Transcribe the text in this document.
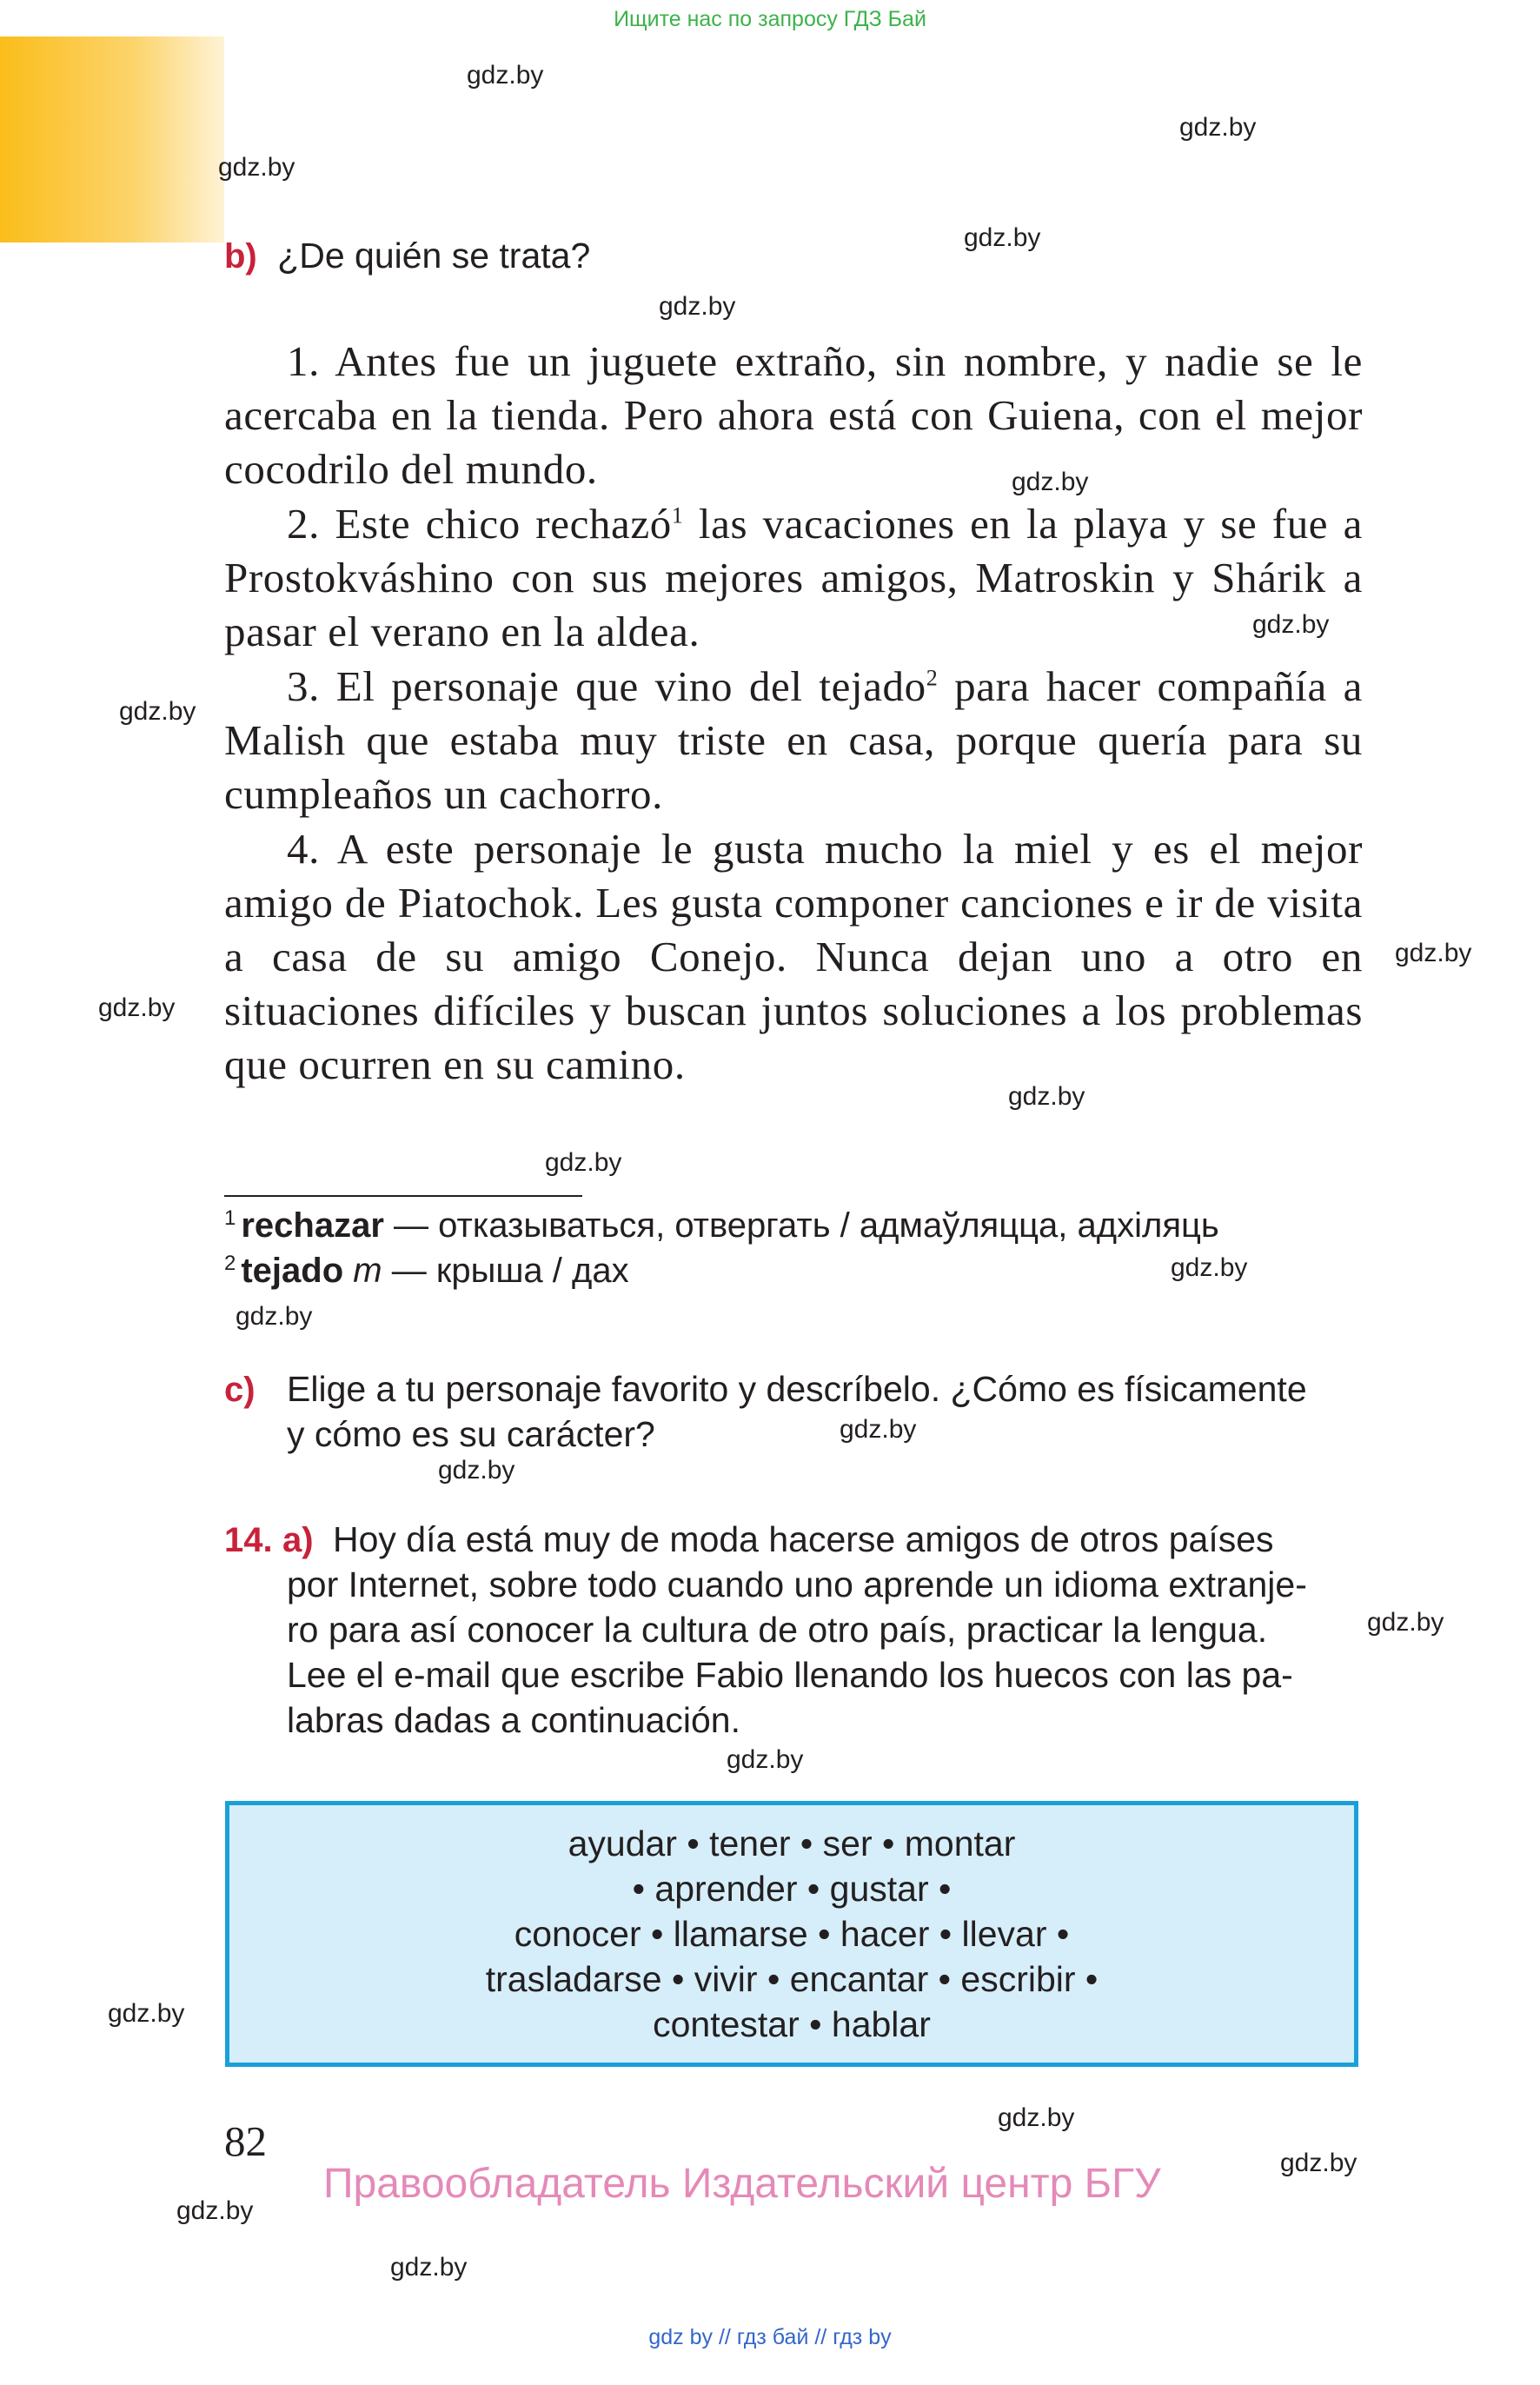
Ищите нас по запросу ГДЗ Бай
gdz.by
gdz.by
gdz.by
gdz.by
gdz.by
gdz.by
gdz.by
gdz.by
gdz.by
gdz.by
gdz.by
gdz.by
gdz.by
gdz.by
gdz.by
gdz.by
gdz.by
gdz.by
gdz.by
gdz.by
gdz.by
gdz.by
gdz.by
b) ¿De quién se trata?

1. Antes fue un juguete extraño, sin nombre, y nadie se le acercaba en la tienda. Pero ahora está con Guiena, con el mejor cocodrilo del mundo.

2. Este chico rechazó$^1$ las vacaciones en la playa y se fue a Prostokváshino con sus mejores amigos, Matroskin y Shárik a pasar el verano en la aldea.

3. El personaje que vino del tejado$^2$ para hacer compañía a Malish que estaba muy triste en casa, porque quería para su cumpleaños un cachorro.

4. A este personaje le gusta mucho la miel y es el mejor amigo de Piatochok. Les gusta componer canciones e ir de visita a casa de su amigo Conejo. Nunca dejan uno a otro en situaciones difíciles y buscan juntos soluciones a los problemas que ocurren en su camino.

$^1$ rechazar — отказываться, отвергать / адмаўляцца, адхіляць
$^2$ tejado m — крыша / дах
c) Elige a tu personaje favorito y descríbelo. ¿Cómo es físicamente
y cómo es su carácter?
14. a) Hoy día está muy de moda hacerse amigos de otros países
por Internet, sobre todo cuando uno aprende un idioma extranje-
ro para así conocer la cultura de otro país, practicar la lengua.
Lee el e-mail que escribe Fabio llenando los huecos con las pa-
labras dadas a continuación.
ayudar • tener • ser • montar
• aprender • gustar •
conocer • llamarse • hacer • llevar •
trasladarse • vivir • encantar • escribir •
contestar • hablar
82
Правообладатель Издательский центр БГУ
gdz by // гдз бай // гдз by
